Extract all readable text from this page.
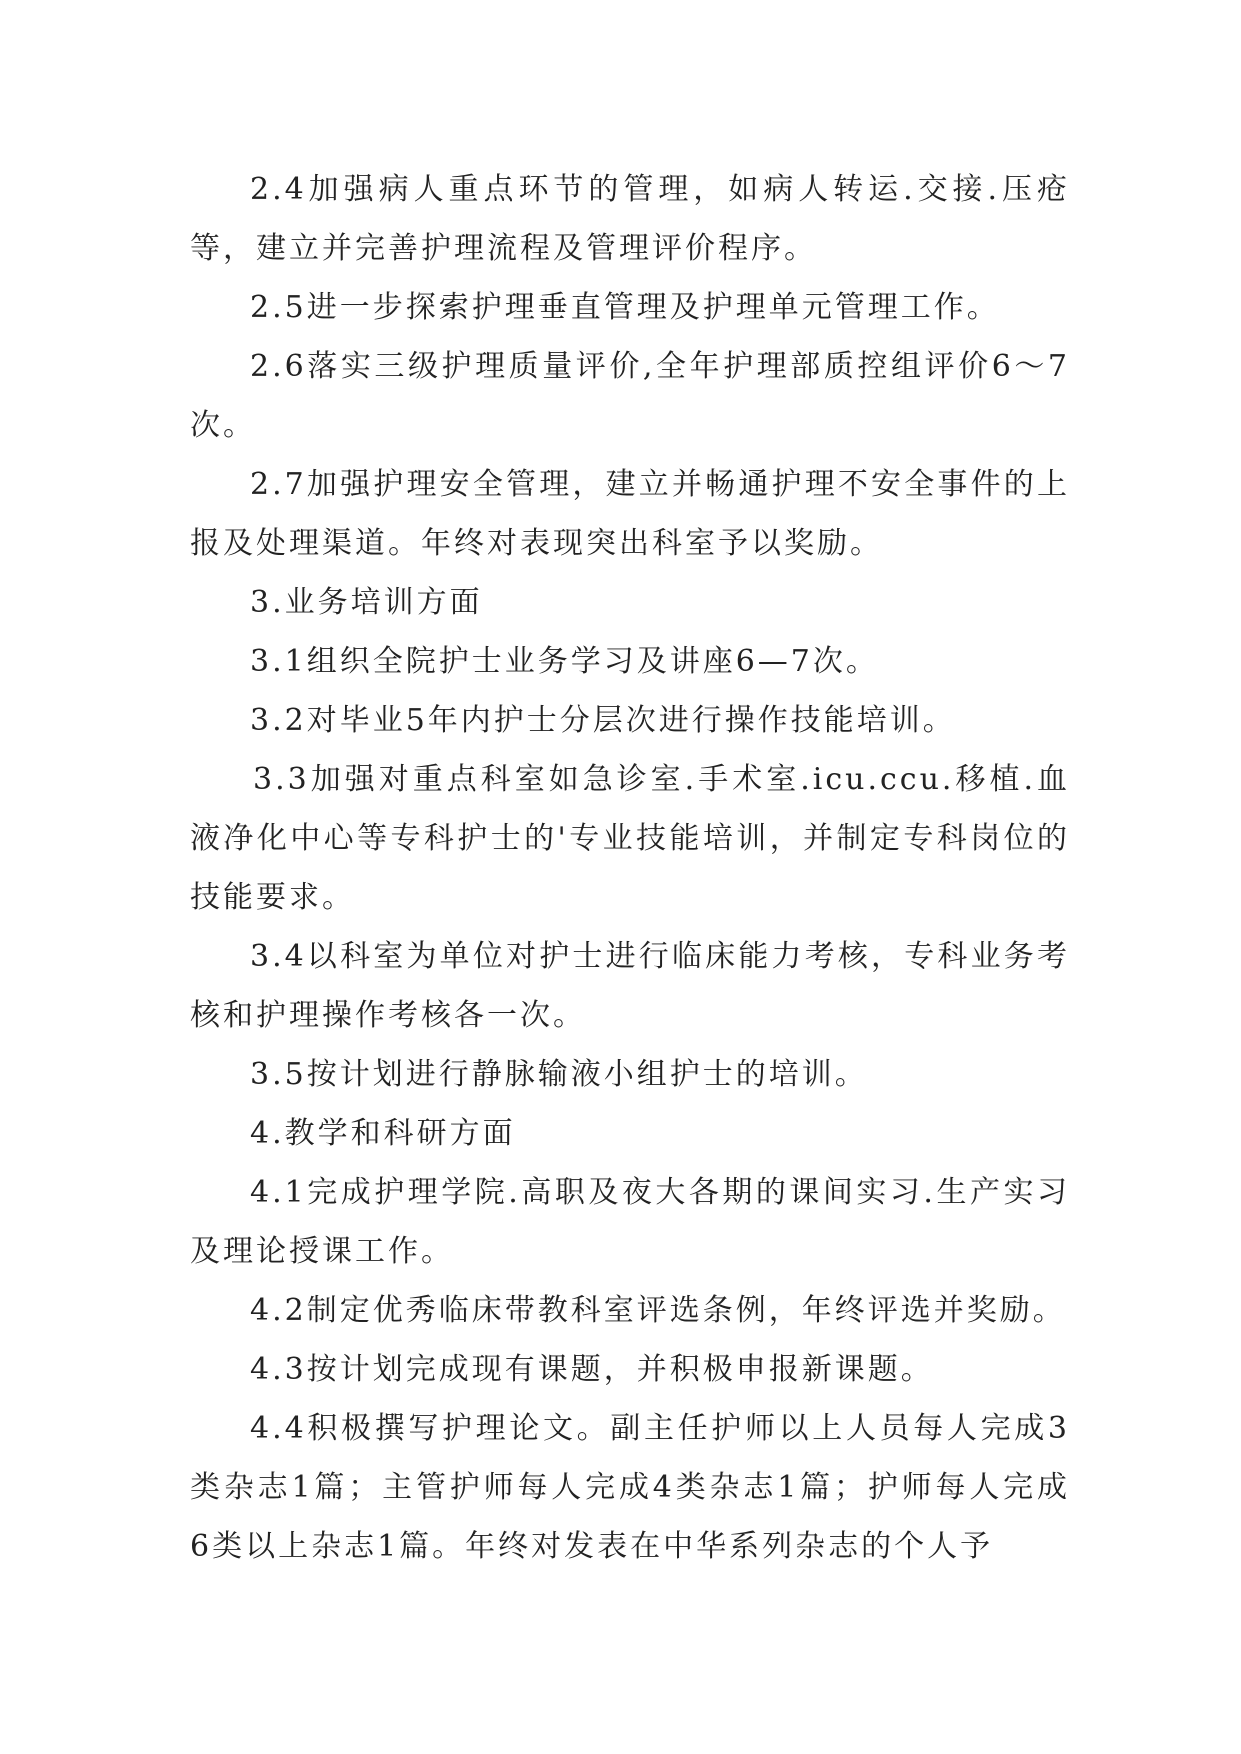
2.4加强病人重点环节的管理，如病人转运.交接.压疮等，建立并完善护理流程及管理评价程序。

2.5进一步探索护理垂直管理及护理单元管理工作。

2.6落实三级护理质量评价,全年护理部质控组评价6～7次。

2.7加强护理安全管理，建立并畅通护理不安全事件的上报及处理渠道。年终对表现突出科室予以奖励。

3.业务培训方面

3.1组织全院护士业务学习及讲座6—7次。

3.2对毕业5年内护士分层次进行操作技能培训。

3.3加强对重点科室如急诊室.手术室.icu.ccu.移植.血液净化中心等专科护士的'专业技能培训，并制定专科岗位的技能要求。

3.4以科室为单位对护士进行临床能力考核，专科业务考核和护理操作考核各一次。

3.5按计划进行静脉输液小组护士的培训。

4.教学和科研方面

4.1完成护理学院.高职及夜大各期的课间实习.生产实习及理论授课工作。

4.2制定优秀临床带教科室评选条例，年终评选并奖励。

4.3按计划完成现有课题，并积极申报新课题。

4.4积极撰写护理论文。副主任护师以上人员每人完成3类杂志1篇；主管护师每人完成4类杂志1篇；护师每人完成6类以上杂志1篇。年终对发表在中华系列杂志的个人予
